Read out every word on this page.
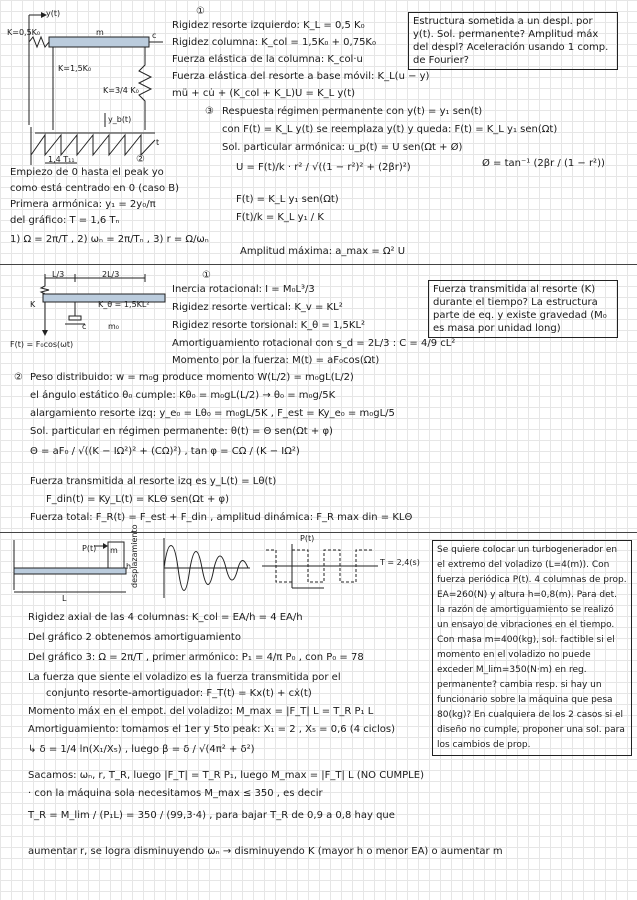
y(t)
K=0,5K₀	m	c
K=1,5K₀
K=3/4 K₀
y_b(t)
t
1,4 T₁₁
①
Rigidez resorte izquierdo: K_L = 0,5 K₀
Rigidez columna: K_col = 1,5K₀ + 0,75K₀
Fuerza elástica de la columna: K_col·u
Fuerza elástica del resorte a base móvil: K_L(u − y)
mü + cu̇ + (K_col + K_L)U = K_L y(t)
Estructura sometida a un despl. por y(t). Sol. permanente? Amplitud máx del despl? Aceleración usando 1 comp. de Fourier?
③ Respuesta régimen permanente con y(t) = y₁ sen(t)
con F(t) = K_L y(t) se reemplaza y(t) y queda: F(t) = K_L y₁ sen(Ωt)
Sol. particular armónica: u_p(t) = U sen(Ωt + Ø)
U = F(t)/k · r² / √((1 − r²)² + (2βr)²)	Ø = tan⁻¹ (2βr / (1 − r²))
F(t) = K_L y₁ sen(Ωt)
F(t)/k = K_L y₁ / K
Amplitud máxima: a_max = Ω² U
②
Empiezo de 0 hasta el peak yo
como está centrado en 0 (caso B)
Primera armónica: y₁ = 2y₀/π
del gráfico: T = 1,6 Tₙ
1) Ω = 2π/T , 2) ωₙ = 2π/Tₙ , 3) r = Ω/ωₙ
L/3	2L/3
K	K_θ = 1,5KL²
c	m₀
F(t) = F₀cos(ωt)
①
Inercia rotacional: I = M₀L³/3
Rigidez resorte vertical: K_v = KL²
Rigidez resorte torsional: K_θ = 1,5KL²
Amortiguamiento rotacional con s_d = 2L/3 : C = 4/9 cL²
Momento por la fuerza: M(t) = aF₀cos(Ωt)
Fuerza transmitida al resorte (K) durante el tiempo? La estructura parte de eq. y existe gravedad (M₀ es masa por unidad long)
② Peso distribuido: w = m₀g produce momento W(L/2) = m₀gL(L/2)
el ángulo estático θ₀ cumple: Kθ₀ = m₀gL(L/2) → θ₀ = m₀g/5K
alargamiento resorte izq: y_e₀ = Lθ₀ = m₀gL/5K , F_est = Ky_e₀ = m₀gL/5
Sol. particular en régimen permanente: θ(t) = Θ sen(Ωt + φ)
Θ = aF₀ / √((K − IΩ²)² + (CΩ)²) , tan φ = CΩ / (K − IΩ²)
Fuerza transmitida al resorte izq es y_L(t) = Lθ(t)
F_din(t) = Ky_L(t) = KLΘ sen(Ωt + φ)
Fuerza total: F_R(t) = F_est + F_din , amplitud dinámica: F_R max din = KLΘ
P(t) m
h
L
desplazamiento	P(t)
T = 2,4(s)
Se quiere colocar un turbogenerador en el extremo del voladizo (L=4(m)). Con fuerza periódica P(t). 4 columnas de prop. EA=260(N) y altura h=0,8(m). Para det. la razón de amortiguamiento se realizó un ensayo de vibraciones en el tiempo. Con masa m=400(kg), sol. factible si el momento en el voladizo no puede exceder M_lim=350(N·m) en reg. permanente? cambia resp. si hay un funcionario sobre la máquina que pesa 80(kg)? En cualquiera de los 2 casos si el diseño no cumple, proponer una sol. para los cambios de prop.
Rigidez axial de las 4 columnas: K_col = EA/h = 4 EA/h
Del gráfico 2 obtenemos amortiguamiento
Del gráfico 3: Ω = 2π/T , primer armónico: P₁ = 4/π P₀ , con P₀ = 78
La fuerza que siente el voladizo es la fuerza transmitida por el
conjunto resorte-amortiguador: F_T(t) = Kx(t) + cẋ(t)
Momento máx en el empot. del voladizo: M_max = |F_T| L = T_R P₁ L
Amortiguamiento: tomamos el 1er y 5to peak: X₁ = 2 , X₅ = 0,6 (4 ciclos)
↳ δ = 1/4 ln(X₁/X₅) , luego β = δ / √(4π² + δ²)
Sacamos: ωₙ, r, T_R, luego |F_T| = T_R P₁, luego M_max = |F_T| L (NO CUMPLE)
· con la máquina sola necesitamos M_max ≤ 350 , es decir
T_R = M_lim / (P₁L) = 350 / (99,3·4) , para bajar T_R de 0,9 a 0,8 hay que
aumentar r, se logra disminuyendo ωₙ → disminuyendo K (mayor h o menor EA) o aumentar m
